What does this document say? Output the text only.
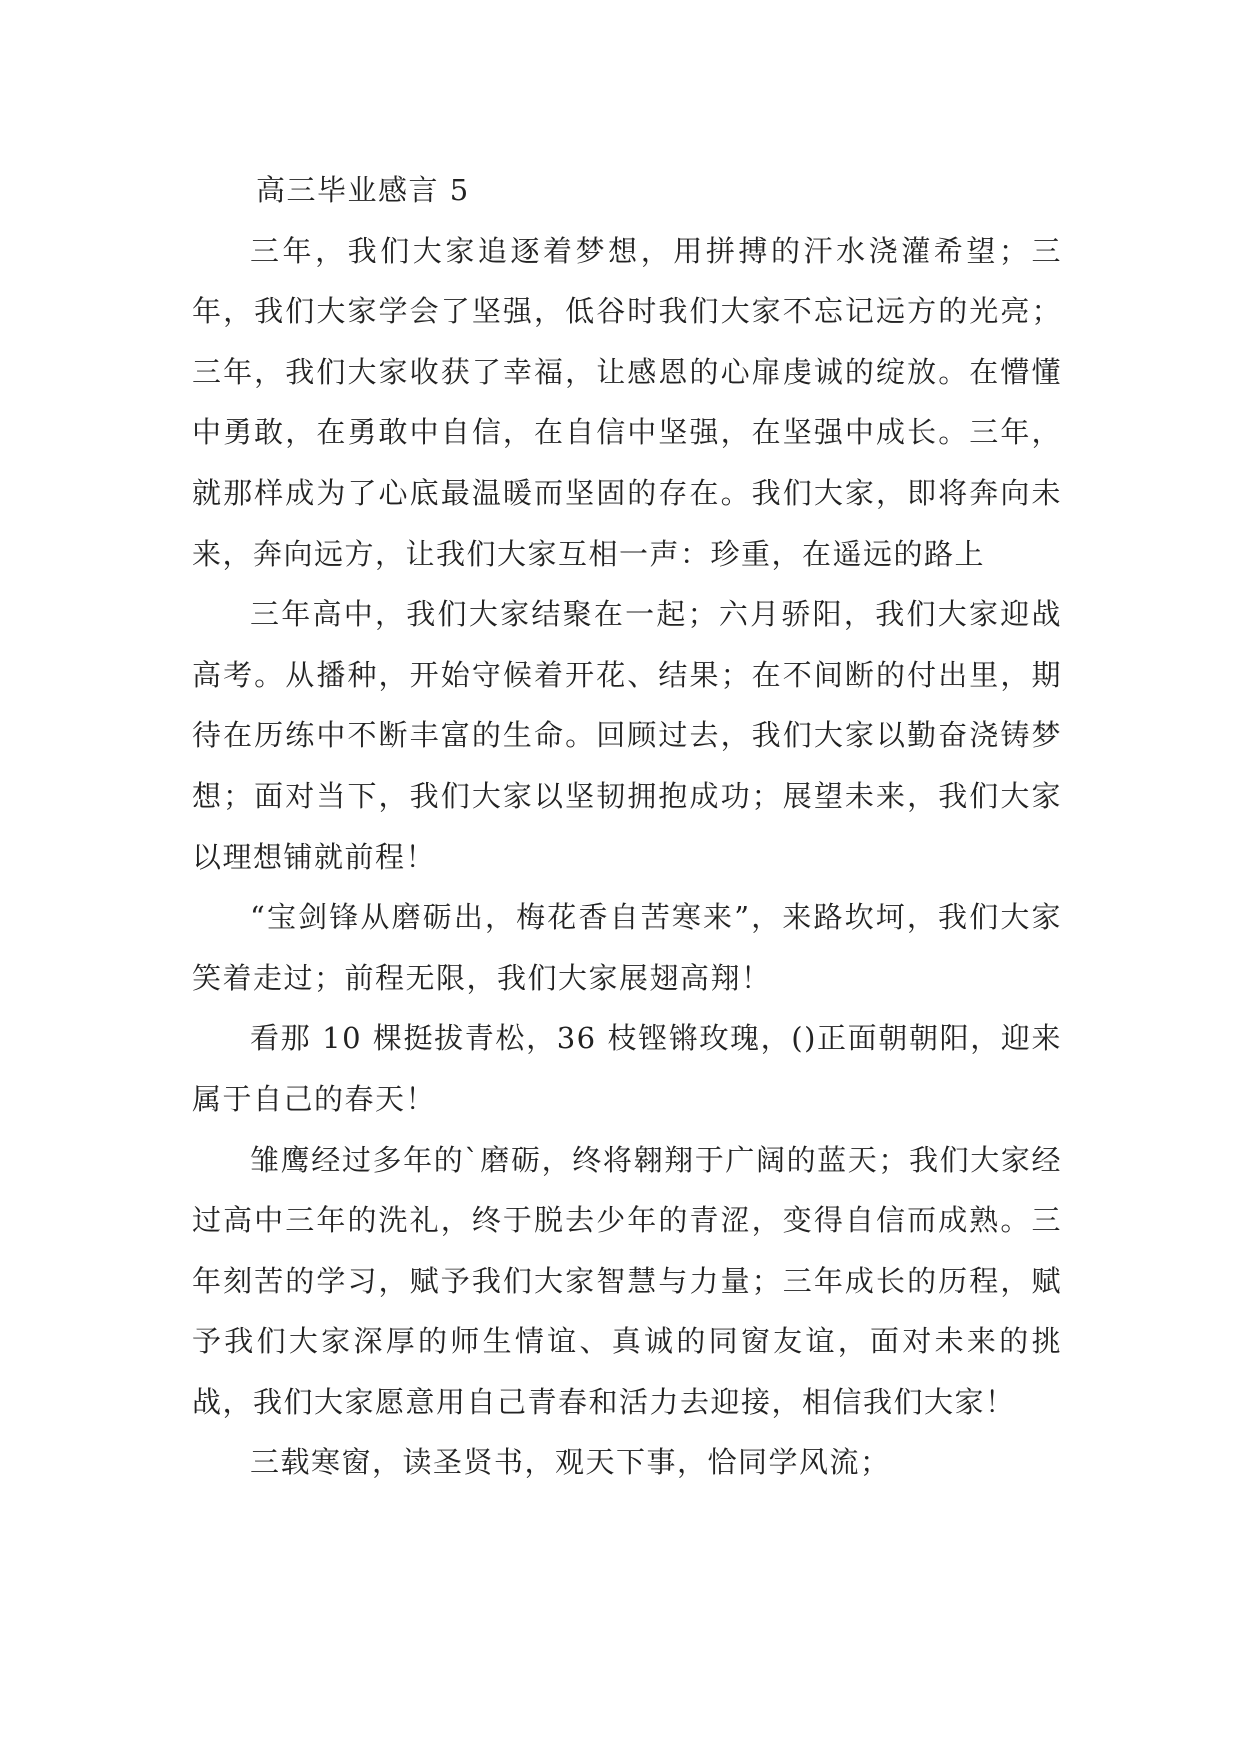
高三毕业感言 5

三年，我们大家追逐着梦想，用拼搏的汗水浇灌希望；三年，我们大家学会了坚强，低谷时我们大家不忘记远方的光亮；三年，我们大家收获了幸福，让感恩的心扉虔诚的绽放。在懵懂中勇敢，在勇敢中自信，在自信中坚强，在坚强中成长。三年，就那样成为了心底最温暖而坚固的存在。我们大家，即将奔向未来，奔向远方，让我们大家互相一声：珍重，在遥远的路上

三年高中，我们大家结聚在一起；六月骄阳，我们大家迎战高考。从播种，开始守候着开花、结果；在不间断的付出里，期待在历练中不断丰富的生命。回顾过去，我们大家以勤奋浇铸梦想；面对当下，我们大家以坚韧拥抱成功；展望未来，我们大家以理想铺就前程！

“宝剑锋从磨砺出，梅花香自苦寒来”，来路坎坷，我们大家笑着走过；前程无限，我们大家展翅高翔！

看那 10 棵挺拔青松，36 枝铿锵玫瑰，()正面朝朝阳，迎来属于自己的春天！

雏鹰经过多年的`磨砺，终将翱翔于广阔的蓝天；我们大家经过高中三年的洗礼，终于脱去少年的青涩，变得自信而成熟。三年刻苦的学习，赋予我们大家智慧与力量；三年成长的历程，赋予我们大家深厚的师生情谊、真诚的同窗友谊，面对未来的挑战，我们大家愿意用自己青春和活力去迎接，相信我们大家！

三载寒窗，读圣贤书，观天下事，恰同学风流；
